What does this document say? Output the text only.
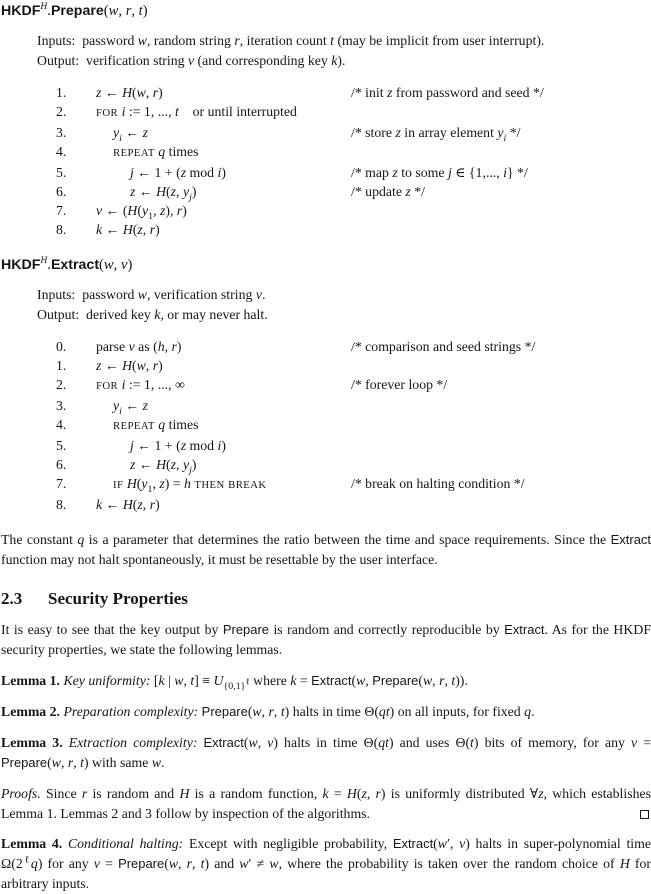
$HKDF^H.Prepare(w$, r, t)
Inputs:  password w, random string r, iteration count t (may be implicit from user interrupt).
Output:  verification string v (and corresponding key k).
1.	z ← H(w, r)	/* init z from password and seed */
2.	FOR i := 1, ..., t    or until interrupted
3.	$y_i$ ← z	/* store z in array element $y_i$ */
4.	REPEAT q times
5.	j ← 1 + (z mod i)	/* map z to some j ∈ {1,..., i} */
6.	z ← H(z, $y_j$)	/* update z */
7.	v ← ($H(y_1$, z), r)
8.	k ← H(z, r)
$HKDF^H.Extract(w$, v)
Inputs:  password w, verification string v.
Output:  derived key k, or may never halt.
0.	parse v as (h, r)	/* comparison and seed strings */
1.	z ← H(w, r)
2.	FOR i := 1, ..., ∞	/* forever loop */
3.	$y_i$ ← z
4.	REPEAT q times
5.	j ← 1 + (z mod i)
6.	z ← H(z, $y_j$)
7.	IF $H(y_1$, z) = h THEN BREAK	/* break on halting condition */
8.	k ← H(z, r)

The constant q is a parameter that determines the ratio between the time and space requirements. Since the Extract function may not halt spontaneously, it must be resettable by the user interface.

2.3 Security Properties

It is easy to see that the key output by Prepare is random and correctly reproducible by Extract. As for the HKDF security properties, we state the following lemmas.

Lemma 1. Key uniformity: [k | w, $t] \equiv U_{\{0,1\}^\ell}$ where k = Extract(w, Prepare(w, r, t)).

Lemma 2. Preparation complexity: Prepare(w, r, t) halts in time Θ(qt) on all inputs, for fixed q.

Lemma 3. Extraction complexity: Extract(w, v) halts in time Θ(qt) and uses Θ(t) bits of memory, for any v = Prepare(w, r, t) with same w.

Proofs. Since r is random and H is a random function, k = H(z, r) is uniformly distributed ∀z, which establishes Lemma 1. Lemmas 2 and 3 follow by inspection of the algorithms.

Lemma 4. Conditional halting: Except with negligible probability, Extract(w′, v) halts in super-polynomial time $\Omega(2^\ell q)$ for any v = Prepare(w, r, t) and w′ ≠ w, where the probability is taken over the random choice of H for arbitrary inputs.
